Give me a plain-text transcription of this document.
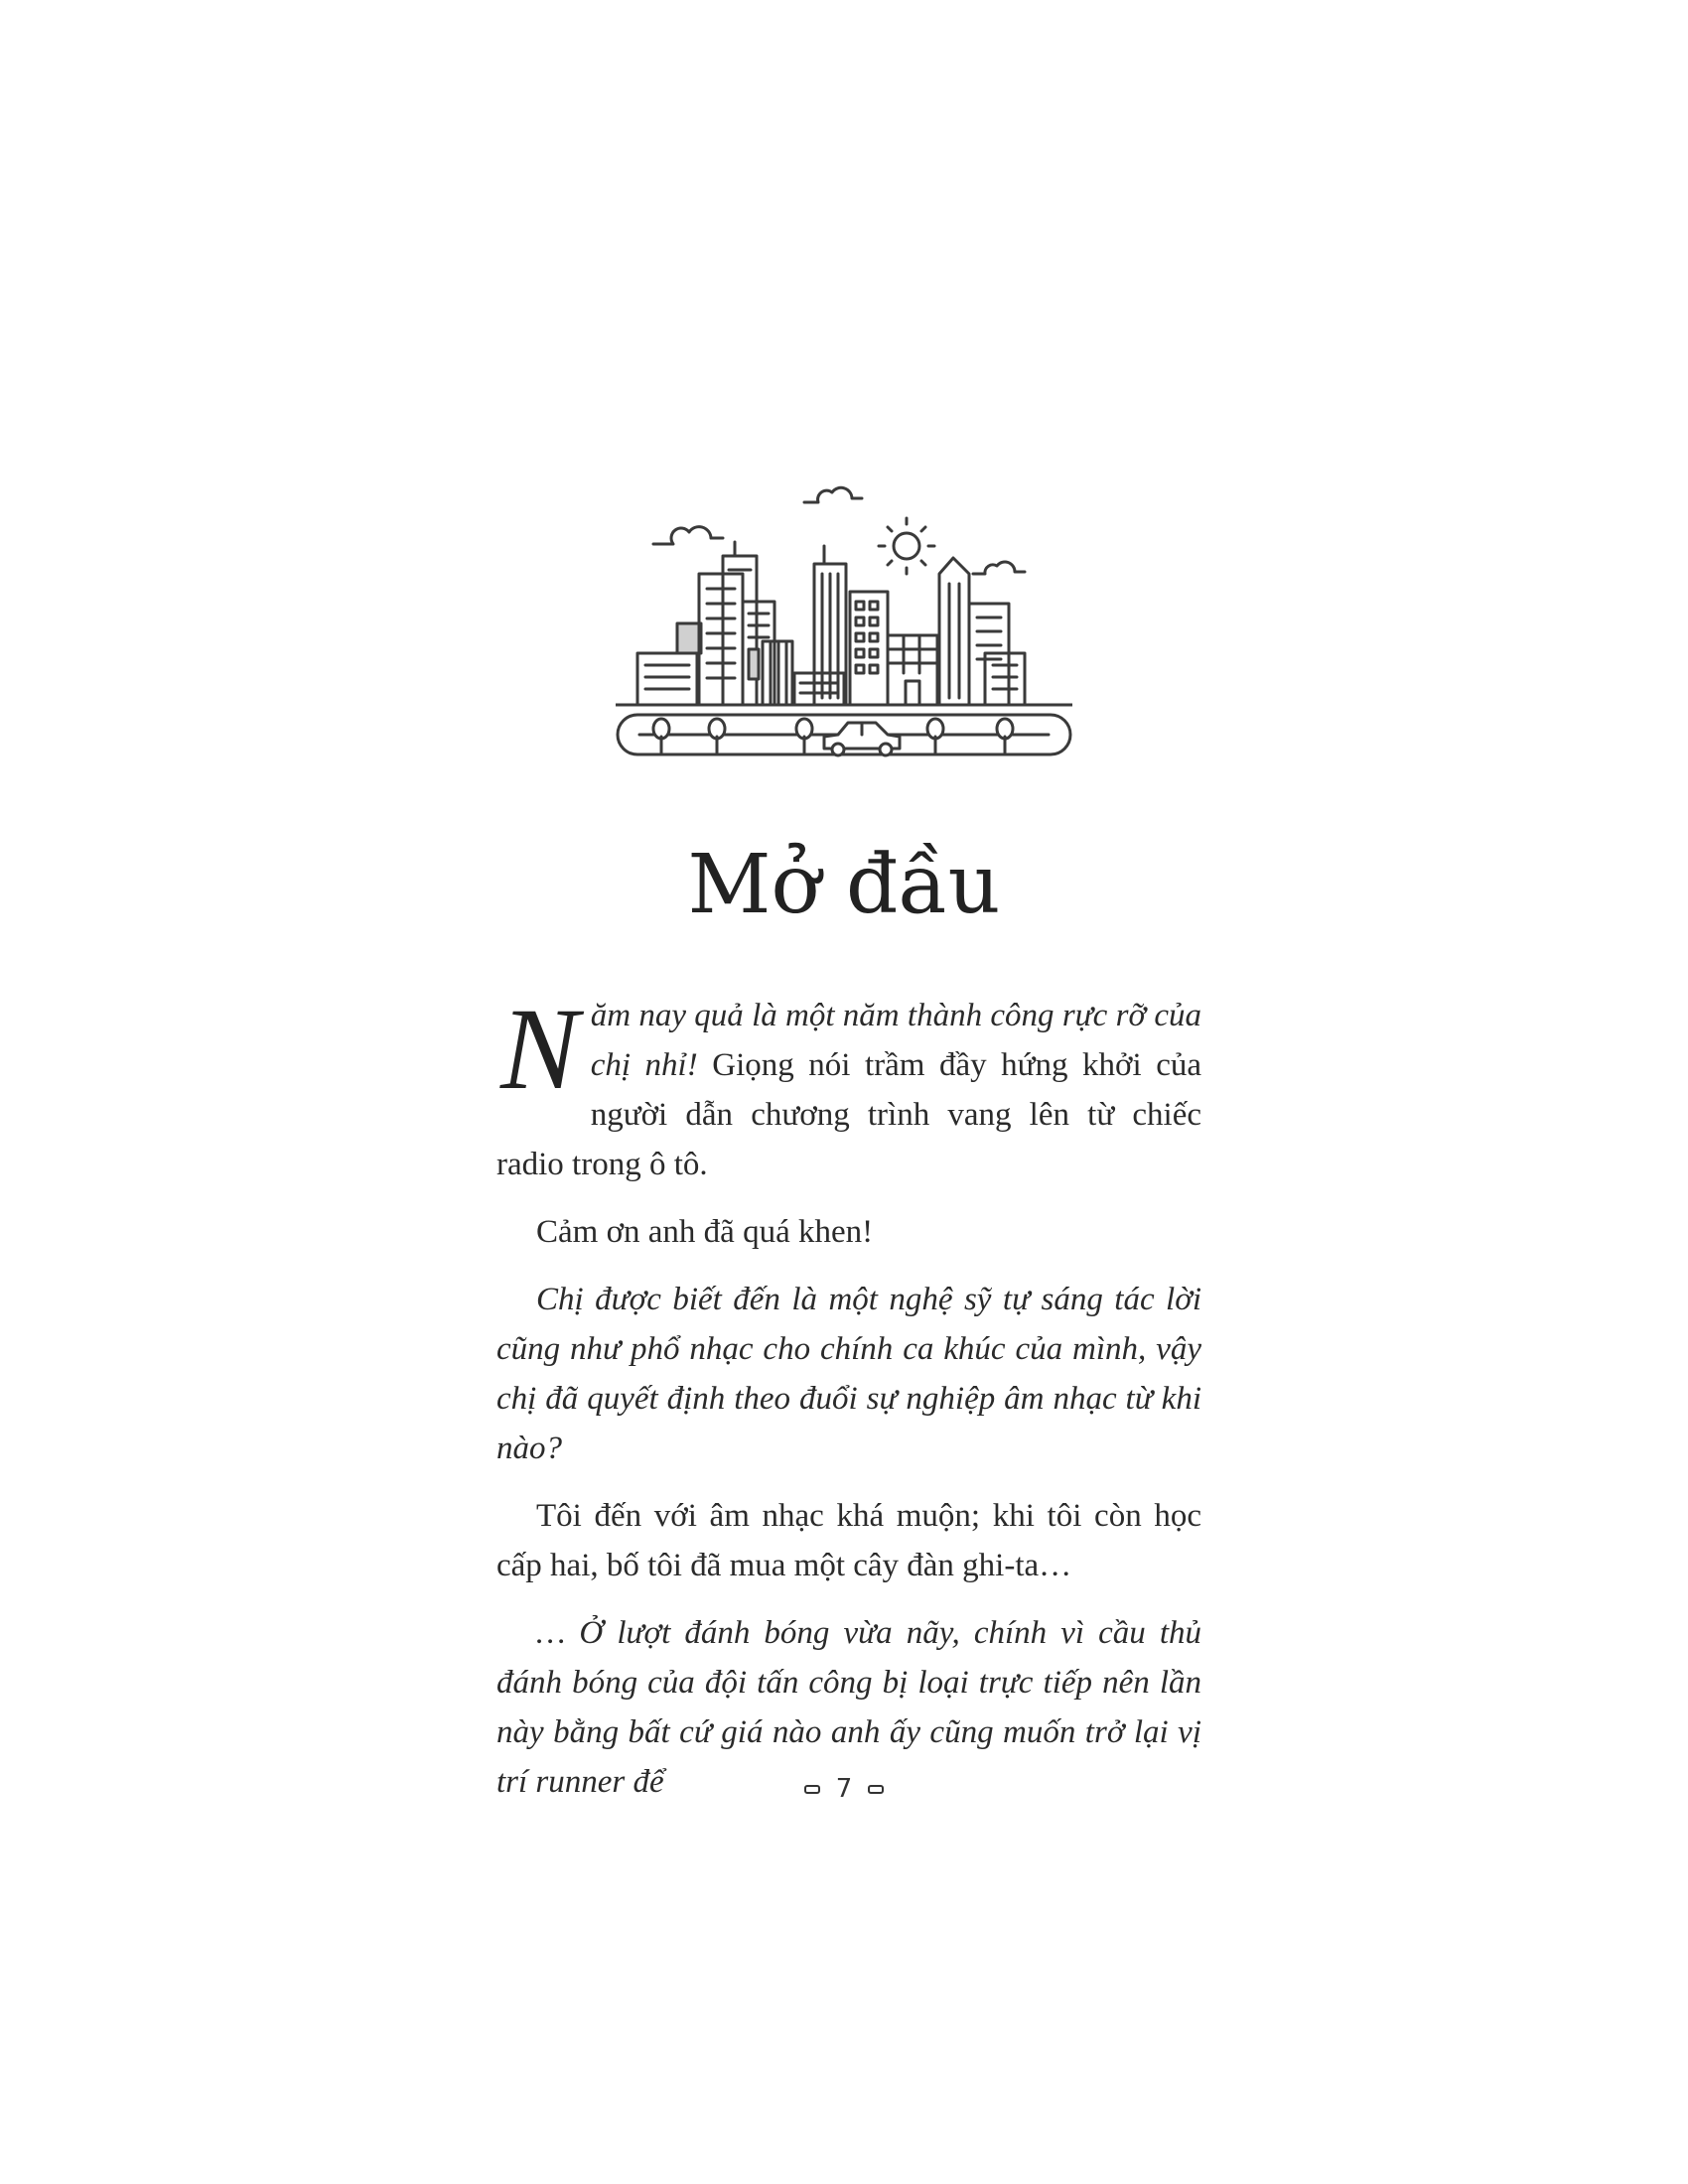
Mở đầu

Năm nay quả là một năm thành công rực rỡ của chị nhỉ! Giọng nói trầm đầy hứng khởi của người dẫn chương trình vang lên từ chiếc radio trong ô tô.

Cảm ơn anh đã quá khen!

Chị được biết đến là một nghệ sỹ tự sáng tác lời cũng như phổ nhạc cho chính ca khúc của mình, vậy chị đã quyết định theo đuổi sự nghiệp âm nhạc từ khi nào?

Tôi đến với âm nhạc khá muộn; khi tôi còn học cấp hai, bố tôi đã mua một cây đàn ghi-ta…

… Ở lượt đánh bóng vừa nãy, chính vì cầu thủ đánh bóng của đội tấn công bị loại trực tiếp nên lần này bằng bất cứ giá nào anh ấy cũng muốn trở lại vị trí runner để	7
